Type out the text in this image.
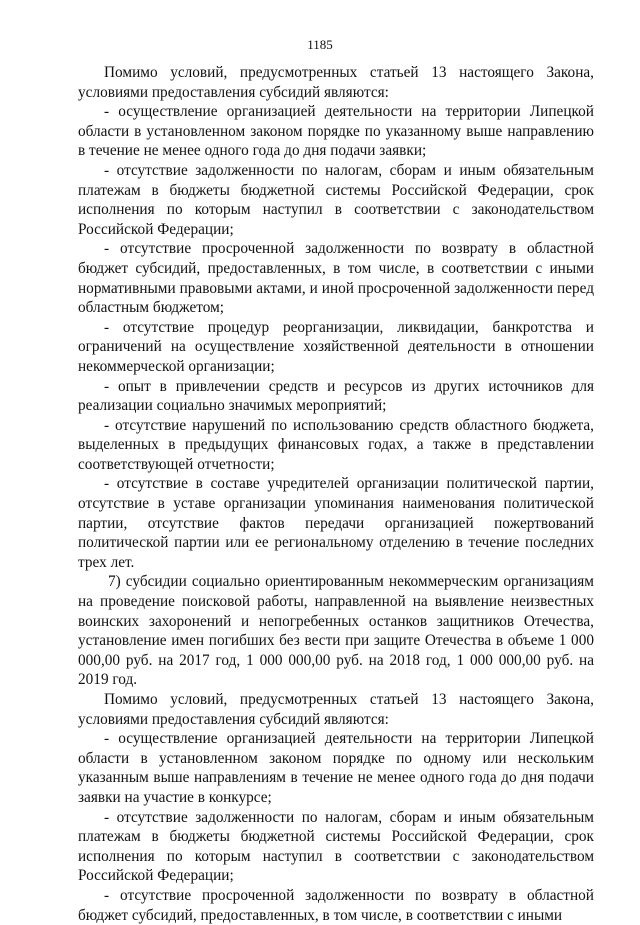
1185

Помимо условий, предусмотренных статьей 13 настоящего Закона, условиями предоставления субсидий являются:

- осуществление организацией деятельности на территории Липецкой области в установленном законом порядке по указанному выше направлению в течение не менее одного года до дня подачи заявки;

- отсутствие задолженности по налогам, сборам и иным обязательным платежам в бюджеты бюджетной системы Российской Федерации, срок исполнения по которым наступил в соответствии с законодательством Российской Федерации;

- отсутствие просроченной задолженности по возврату в областной бюджет субсидий, предоставленных, в том числе, в соответствии с иными нормативными правовыми актами, и иной просроченной задолженности перед областным бюджетом;

- отсутствие процедур реорганизации, ликвидации, банкротства и ограничений на осуществление хозяйственной деятельности в отношении некоммерческой организации;

- опыт в привлечении средств и ресурсов из других источников для реализации социально значимых мероприятий;

- отсутствие нарушений по использованию средств областного бюджета, выделенных в предыдущих финансовых годах, а также в представлении соответствующей отчетности;

- отсутствие в составе учредителей организации политической партии, отсутствие в уставе организации упоминания наименования политической партии, отсутствие фактов передачи организацией пожертвований политической партии или ее региональному отделению в течение последних трех лет.

7) субсидии социально ориентированным некоммерческим организациям на проведение поисковой работы, направленной на выявление неизвестных воинских захоронений и непогребенных останков защитников Отечества, установление имен погибших без вести при защите Отечества в объеме 1 000 000,00 руб. на 2017 год, 1 000 000,00 руб. на 2018 год, 1 000 000,00 руб. на 2019 год.

Помимо условий, предусмотренных статьей 13 настоящего Закона, условиями предоставления субсидий являются:

- осуществление организацией деятельности на территории Липецкой области в установленном законом порядке по одному или нескольким указанным выше направлениям в течение не менее одного года до дня подачи заявки на участие в конкурсе;

- отсутствие задолженности по налогам, сборам и иным обязательным платежам в бюджеты бюджетной системы Российской Федерации, срок исполнения по которым наступил в соответствии с законодательством Российской Федерации;

- отсутствие просроченной задолженности по возврату в областной бюджет субсидий, предоставленных, в том числе, в соответствии с иными
